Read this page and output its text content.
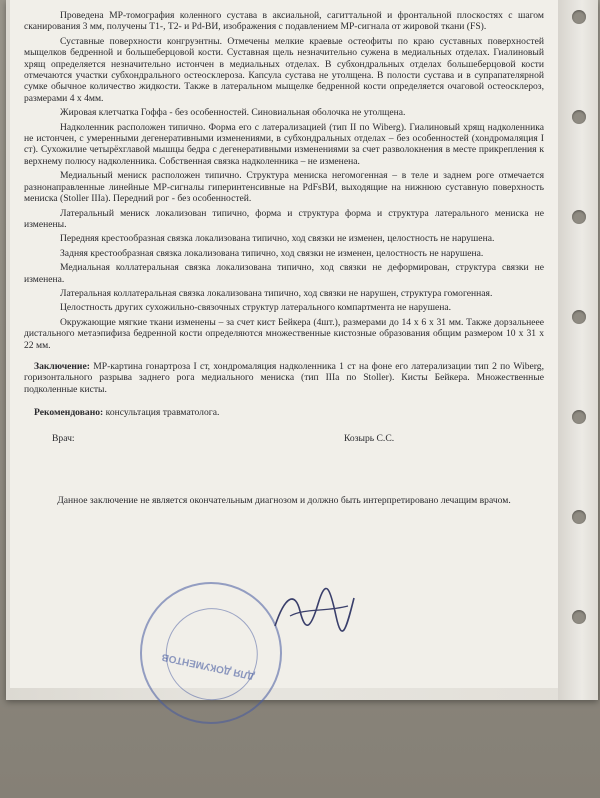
Проведена МР-томография коленного сустава в аксиальной, сагиттальной и фронтальной плоскостях с шагом сканирования 3 мм, получены Т1-, Т2- и Pd-ВИ, изображения с подавлением МР-сигнала от жировой ткани (FS).

Суставные поверхности конгруэнтны. Отмечены мелкие краевые остеофиты по краю суставных поверхностей мыщелков бедренной и большеберцовой кости. Суставная щель незначительно сужена в медиальных отделах. Гиалиновый хрящ определяется незначительно истончен в медиальных отделах. В субхондральных отделах большеберцовой кости отмечаются участки субхондрального остеосклероза. Капсула сустава не утолщена. В полости сустава и в супрапателярной сумке обычное количество жидкости. Также в латеральном мыщелке бедренной кости определяется очаговой остеосклероз, размерами 4 х 4мм.

Жировая клетчатка Гоффа - без особенностей. Синовиальная оболочка не утолщена.

Надколенник расположен типично. Форма его с латерализацией (тип II по Wiberg). Гиалиновый хрящ надколенника не истончен, с умеренными дегенеративными изменениями, в субхондральных отделах – без особенностей (хондромаляция I ст). Сухожилие четырёхглавой мышцы бедра с дегенеративными изменениями за счет разволокнения в месте прикрепления к верхнему полюсу надколенника. Собственная связка надколенника – не изменена.

Медиальный мениск расположен типично. Структура мениска негомогенная – в теле и заднем роге отмечается разнонаправленные линейные МР-сигналы гиперинтенсивные на PdFsВИ, выходящие на нижнюю суставную поверхность мениска (Stoller IIIa). Передний рог - без особенностей.

Латеральный мениск локализован типично, форма и структура форма и структура латерального мениска не изменены.

Передняя крестообразная связка локализована типично, ход связки не изменен, целостность не нарушена.

Задняя крестообразная связка локализована типично, ход связки не изменен, целостность не нарушена.

Медиальная коллатеральная связка локализована типично, ход связки не деформирован, структура связки не изменена.

Латеральная коллатеральная связка локализована типично, ход связки не нарушен, структура гомогенная.

Целостность других сухожильно-связочных структур латерального компартмента не нарушена.

Окружающие мягкие ткани изменены – за счет кист Бейкера (4шт.), размерами до 14 х 6 х 31 мм. Также дорзальнеее дистального метаэпифиза бедренной кости определяются множественные кистозные образования общим размером 10 х 31 х 22 мм.

Заключение: МР-картина гонартроза I ст, хондромаляция надколенника 1 ст на фоне его латерализации тип 2 по Wiberg, горизонтального разрыва заднего рога медиального мениска (тип IIIa по Stoller). Кисты Бейкера. Множественные подколенные кисты.

Рекомендовано: консультация травматолога.

Врач:	Козырь С.С.

Данное заключение не является окончательным диагнозом и должно быть интерпретировано лечащим врачом.

ДЛЯ ДОКУМЕНТОВ
